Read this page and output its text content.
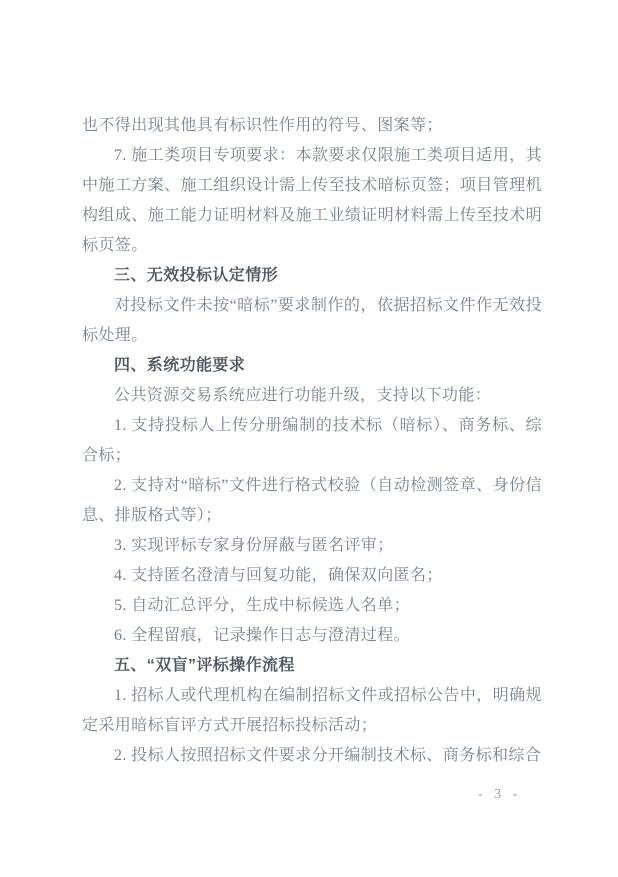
也不得出现其他具有标识性作用的符号、图案等；

7. 施工类项目专项要求：本款要求仅限施工类项目适用，其中施工方案、施工组织设计需上传至技术暗标页签；项目管理机构组成、施工能力证明材料及施工业绩证明材料需上传至技术明标页签。

三、无效投标认定情形

对投标文件未按“暗标”要求制作的，依据招标文件作无效投标处理。

四、系统功能要求

公共资源交易系统应进行功能升级，支持以下功能：

1. 支持投标人上传分册编制的技术标（暗标）、商务标、综合标；

2. 支持对“暗标”文件进行格式校验（自动检测签章、身份信息、排版格式等）；

3. 实现评标专家身份屏蔽与匿名评审；

4. 支持匿名澄清与回复功能，确保双向匿名；

5. 自动汇总评分，生成中标候选人名单；

6. 全程留痕，记录操作日志与澄清过程。

五、“双盲”评标操作流程

1. 招标人或代理机构在编制招标文件或招标公告中，明确规定采用暗标盲评方式开展招标投标活动；

2. 投标人按照招标文件要求分开编制技术标、商务标和综合

- 3 -
